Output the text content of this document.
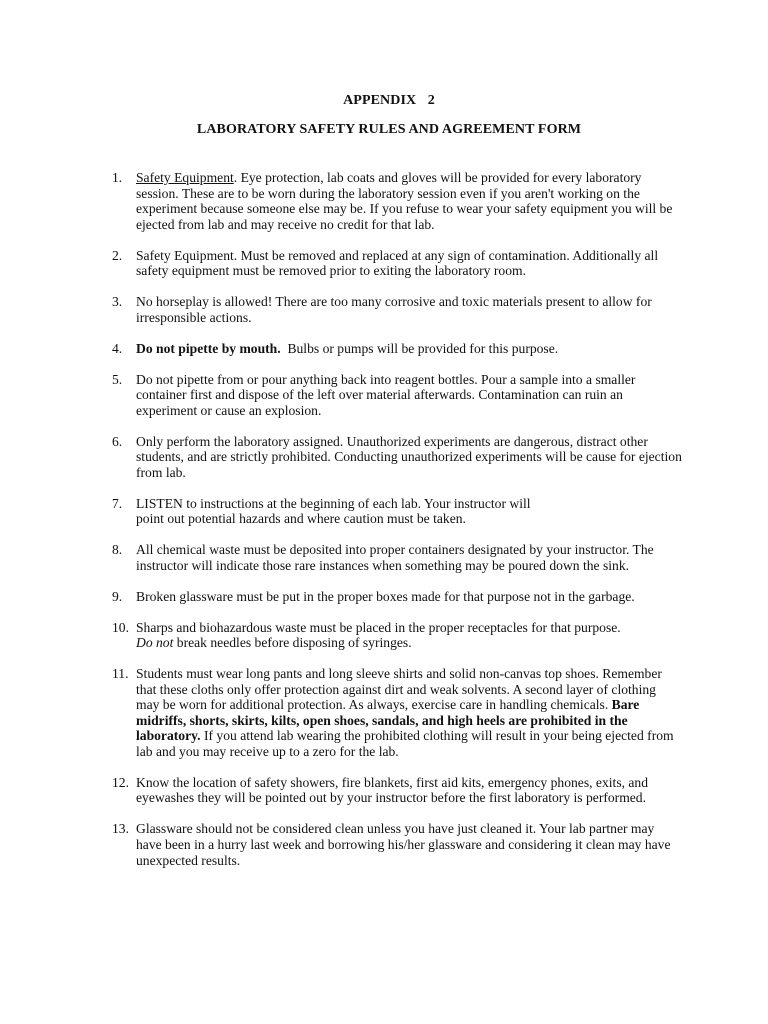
APPENDIX 2
LABORATORY SAFETY RULES AND AGREEMENT FORM
1. Safety Equipment. Eye protection, lab coats and gloves will be provided for every laboratory session. These are to be worn during the laboratory session even if you aren't working on the experiment because someone else may be. If you refuse to wear your safety equipment you will be ejected from lab and may receive no credit for that lab.
2. Safety Equipment. Must be removed and replaced at any sign of contamination. Additionally all safety equipment must be removed prior to exiting the laboratory room.
3. No horseplay is allowed! There are too many corrosive and toxic materials present to allow for irresponsible actions.
4. Do not pipette by mouth.  Bulbs or pumps will be provided for this purpose.
5. Do not pipette from or pour anything back into reagent bottles. Pour a sample into a smaller container first and dispose of the left over material afterwards. Contamination can ruin an experiment or cause an explosion.
6. Only perform the laboratory assigned. Unauthorized experiments are dangerous, distract other students, and are strictly prohibited. Conducting unauthorized experiments will be cause for ejection from lab.
7. LISTEN to instructions at the beginning of each lab. Your instructor will
point out potential hazards and where caution must be taken.
8. All chemical waste must be deposited into proper containers designated by your instructor. The instructor will indicate those rare instances when something may be poured down the sink.
9. Broken glassware must be put in the proper boxes made for that purpose not in the garbage.
10. Sharps and biohazardous waste must be placed in the proper receptacles for that purpose.
Do not break needles before disposing of syringes.
11. Students must wear long pants and long sleeve shirts and solid non-canvas top shoes. Remember that these cloths only offer protection against dirt and weak solvents. A second layer of clothing may be worn for additional protection. As always, exercise care in handling chemicals. Bare midriffs, shorts, skirts, kilts, open shoes, sandals, and high heels are prohibited in the laboratory. If you attend lab wearing the prohibited clothing will result in your being ejected from lab and you may receive up to a zero for the lab.
12. Know the location of safety showers, fire blankets, first aid kits, emergency phones, exits, and eyewashes they will be pointed out by your instructor before the first laboratory is performed.
13. Glassware should not be considered clean unless you have just cleaned it. Your lab partner may have been in a hurry last week and borrowing his/her glassware and considering it clean may have unexpected results.
